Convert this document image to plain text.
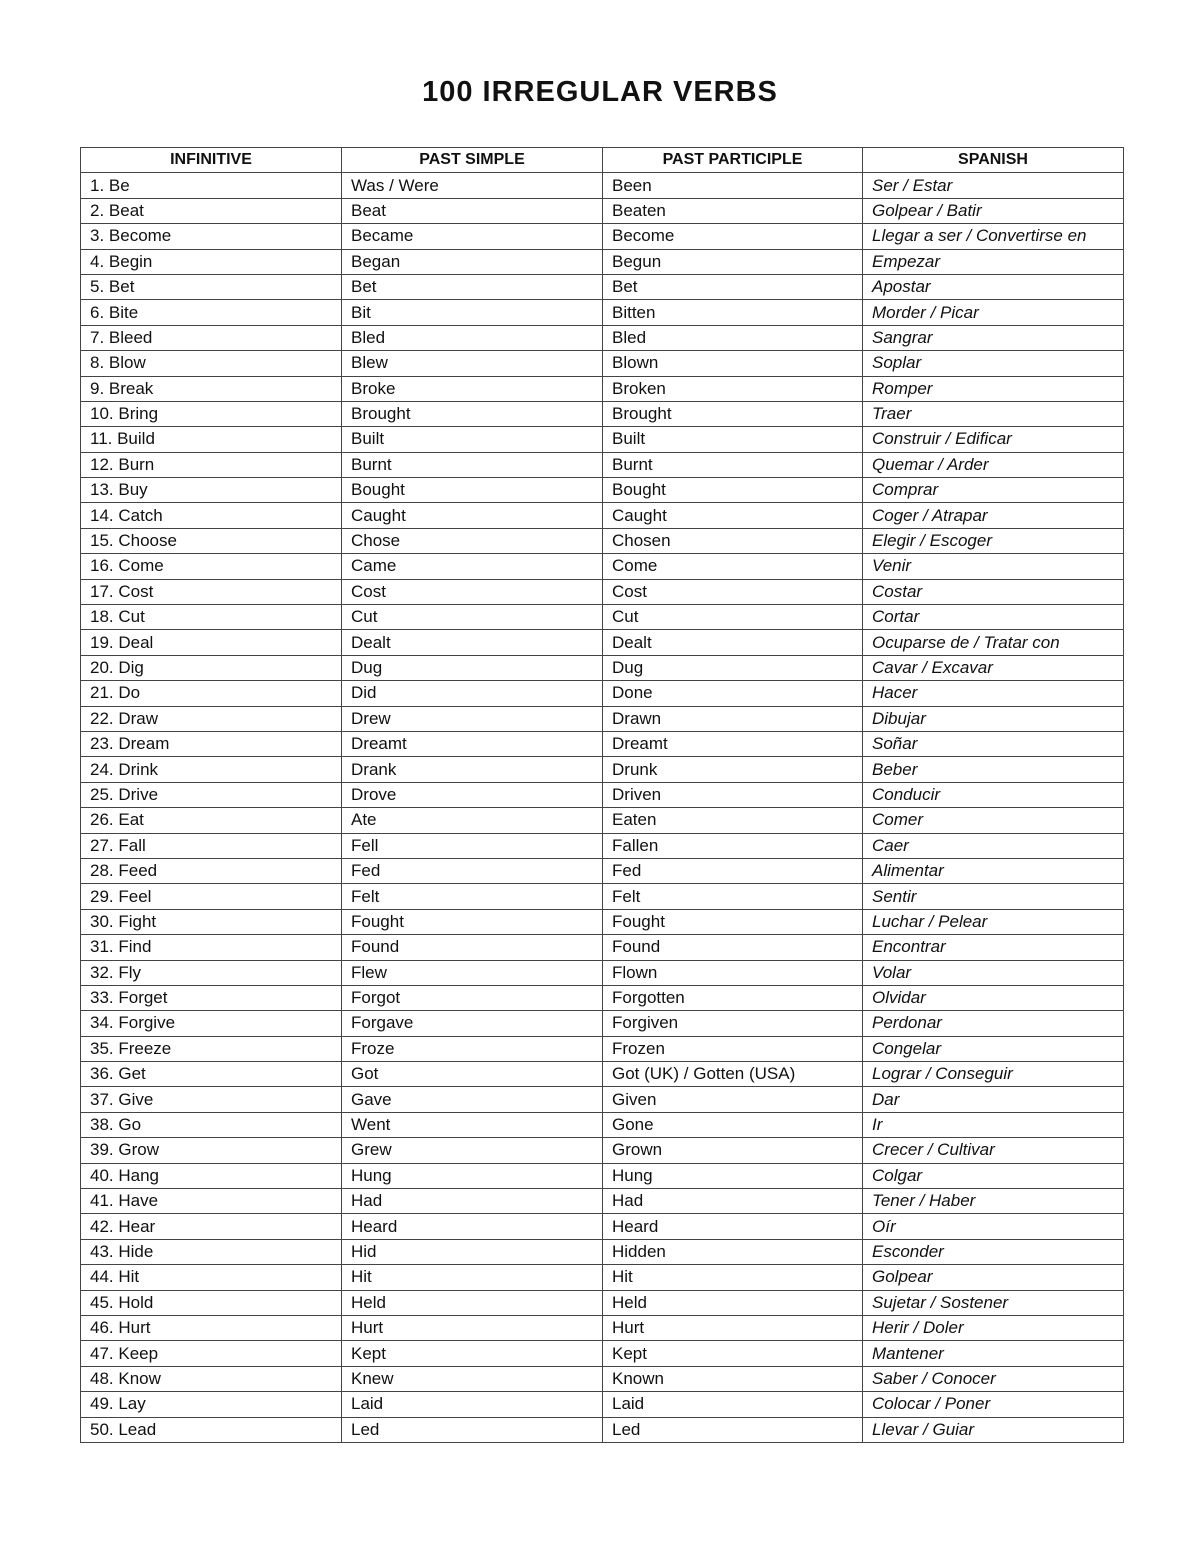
100 IRREGULAR VERBS
INFINITIVE	PAST SIMPLE	PAST PARTICIPLE	SPANISH
1. Be	Was / Were	Been	Ser / Estar
2. Beat	Beat	Beaten	Golpear / Batir
3. Become	Became	Become	Llegar a ser / Convertirse en
4. Begin	Began	Begun	Empezar
5. Bet	Bet	Bet	Apostar
6. Bite	Bit	Bitten	Morder / Picar
7. Bleed	Bled	Bled	Sangrar
8. Blow	Blew	Blown	Soplar
9. Break	Broke	Broken	Romper
10. Bring	Brought	Brought	Traer
11. Build	Built	Built	Construir / Edificar
12. Burn	Burnt	Burnt	Quemar / Arder
13. Buy	Bought	Bought	Comprar
14. Catch	Caught	Caught	Coger / Atrapar
15. Choose	Chose	Chosen	Elegir / Escoger
16. Come	Came	Come	Venir
17. Cost	Cost	Cost	Costar
18. Cut	Cut	Cut	Cortar
19. Deal	Dealt	Dealt	Ocuparse de / Tratar con
20. Dig	Dug	Dug	Cavar / Excavar
21. Do	Did	Done	Hacer
22. Draw	Drew	Drawn	Dibujar
23. Dream	Dreamt	Dreamt	Soñar
24. Drink	Drank	Drunk	Beber
25. Drive	Drove	Driven	Conducir
26. Eat	Ate	Eaten	Comer
27. Fall	Fell	Fallen	Caer
28. Feed	Fed	Fed	Alimentar
29. Feel	Felt	Felt	Sentir
30. Fight	Fought	Fought	Luchar / Pelear
31. Find	Found	Found	Encontrar
32. Fly	Flew	Flown	Volar
33. Forget	Forgot	Forgotten	Olvidar
34. Forgive	Forgave	Forgiven	Perdonar
35. Freeze	Froze	Frozen	Congelar
36. Get	Got	Got (UK) / Gotten (USA)	Lograr / Conseguir
37. Give	Gave	Given	Dar
38. Go	Went	Gone	Ir
39. Grow	Grew	Grown	Crecer / Cultivar
40. Hang	Hung	Hung	Colgar
41. Have	Had	Had	Tener / Haber
42. Hear	Heard	Heard	Oír
43. Hide	Hid	Hidden	Esconder
44. Hit	Hit	Hit	Golpear
45. Hold	Held	Held	Sujetar / Sostener
46. Hurt	Hurt	Hurt	Herir / Doler
47. Keep	Kept	Kept	Mantener
48. Know	Knew	Known	Saber / Conocer
49. Lay	Laid	Laid	Colocar / Poner
50. Lead	Led	Led	Llevar / Guiar
